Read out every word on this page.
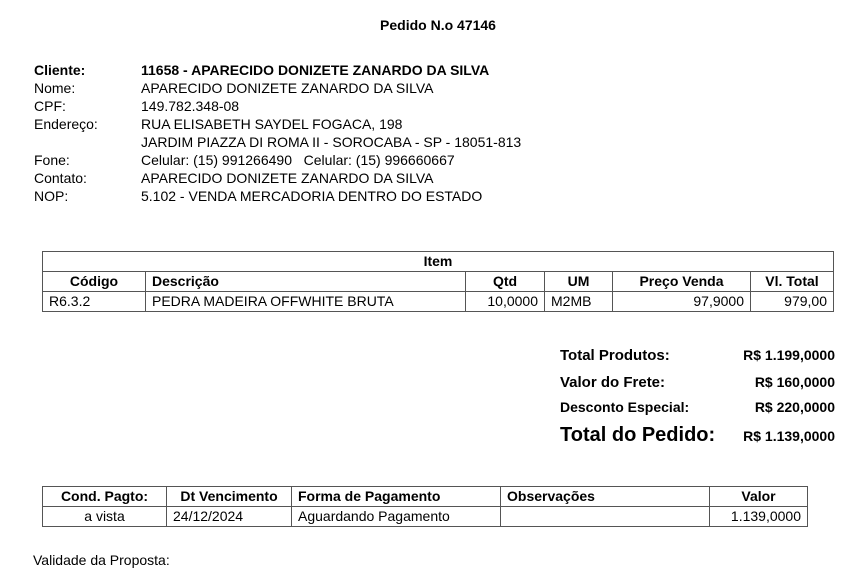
Pedido N.o 47146
Cliente:	11658 - APARECIDO DONIZETE ZANARDO DA SILVA
Nome:	APARECIDO DONIZETE ZANARDO DA SILVA
CPF:	149.782.348-08
Endereço:	RUA ELISABETH SAYDEL FOGACA, 198
JARDIM PIAZZA DI ROMA II - SOROCABA - SP - 18051-813
Fone:	Celular: (15) 991266490   Celular: (15) 996660667
Contato:	APARECIDO DONIZETE ZANARDO DA SILVA
NOP:	5.102 - VENDA MERCADORIA DENTRO DO ESTADO
Item					
Código	Descrição	Qtd	UM	Preço Venda	Vl. Total
R6.3.2	PEDRA MADEIRA OFFWHITE BRUTA	10,0000	M2MB	97,9000	979,00
Total Produtos:	R$ 1.199,0000
Valor do Frete:	R$ 160,0000
Desconto Especial:	R$ 220,0000
Total do Pedido: R$ 1.139,0000
Cond. Pagto:	Dt Vencimento	Forma de Pagamento	Observações	Valor
a vista	24/12/2024	Aguardando Pagamento		1.139,0000
Validade da Proposta:
